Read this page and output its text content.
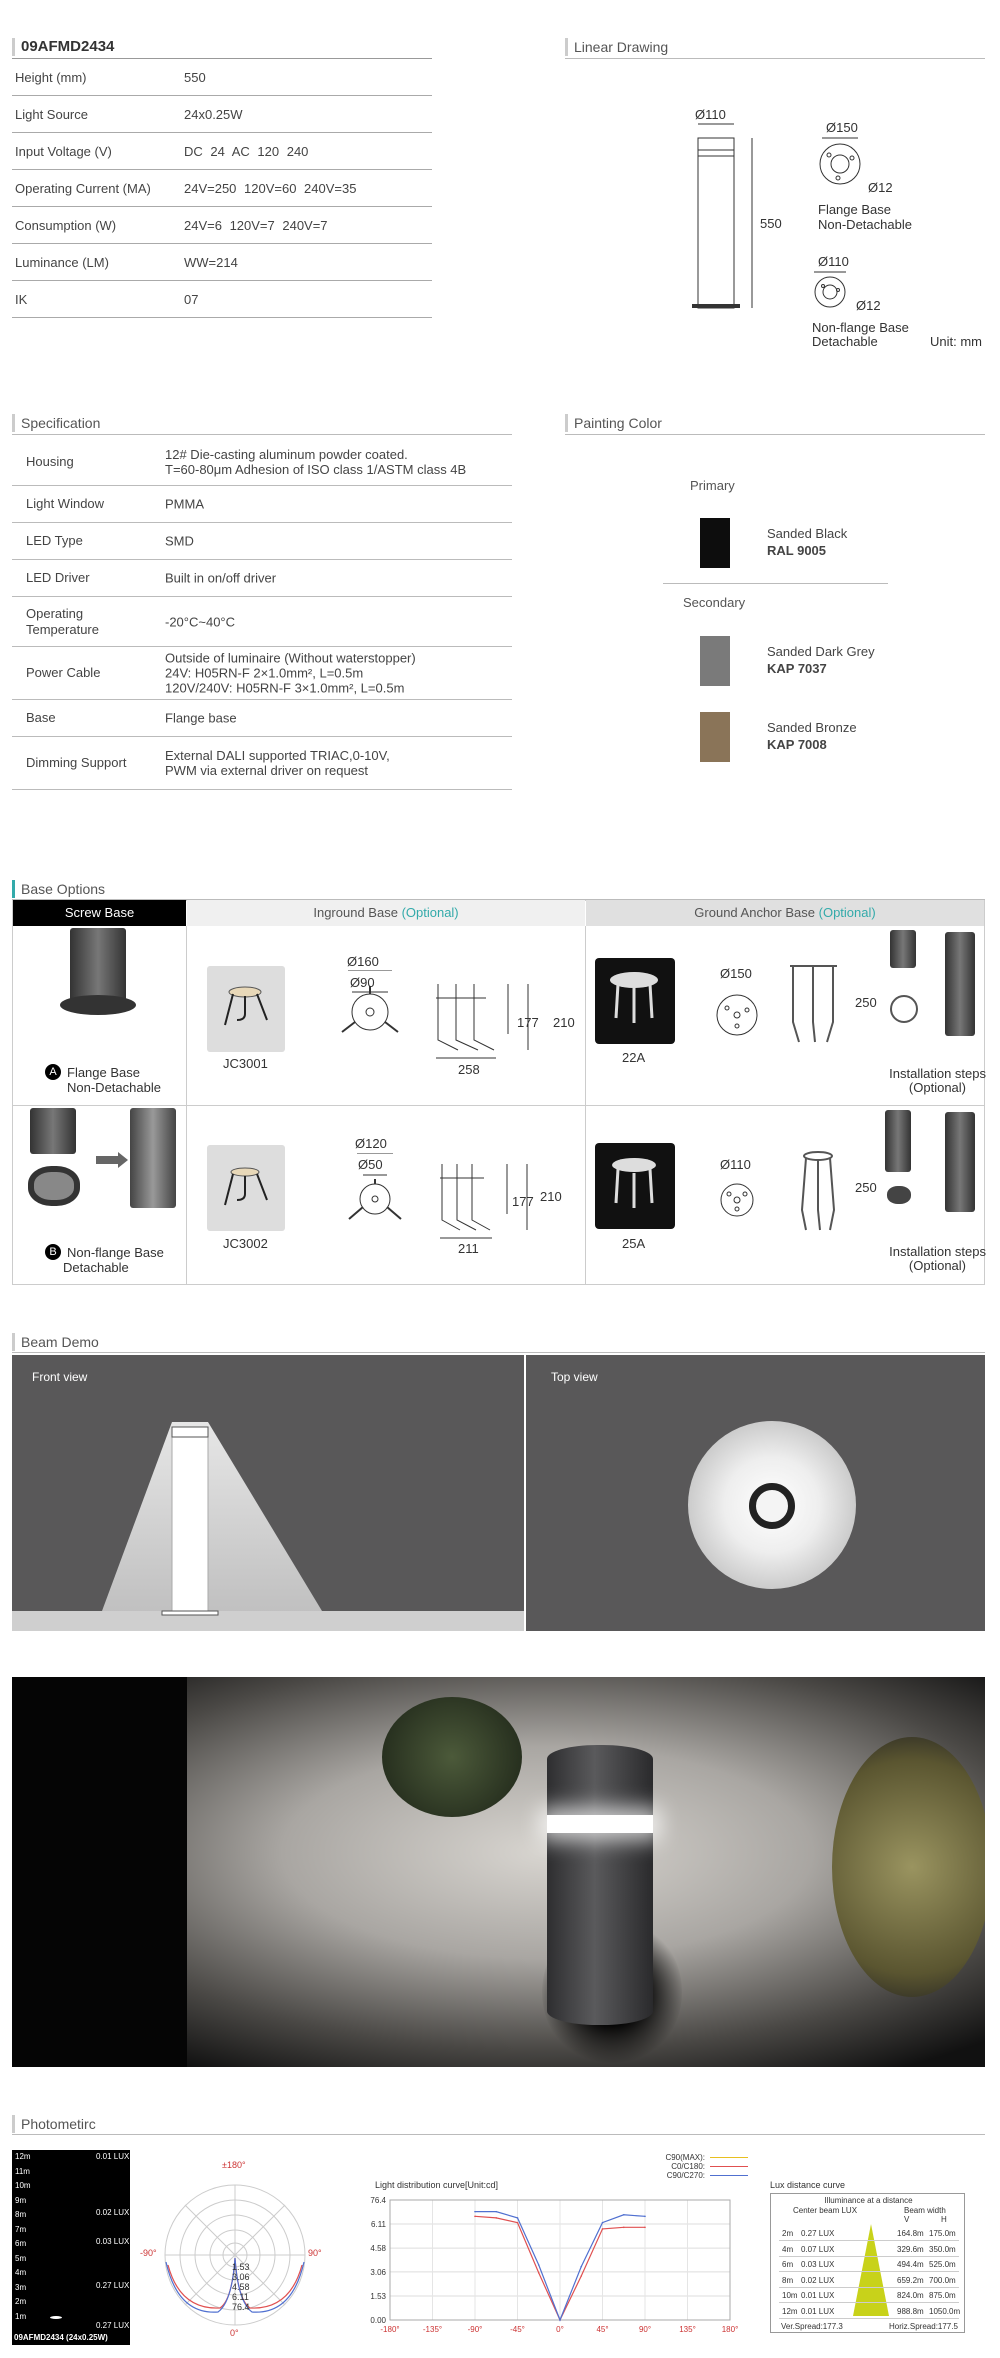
09AFMD2434
Height (mm)	550
Light Source	24x0.25W
Input Voltage (V)	DC 24 AC 120 240
Operating Current (MA)	24V=250 120V=60 240V=35
Consumption (W)	24V=6 120V=7 240V=7
Luminance (LM)	WW=214
IK	07
Linear Drawing
Ø110
550
Ø150
Ø12
Flange Base
Non-Detachable
Ø110
Ø12
Non-flange Base
Detachable	Unit: mm
Specification
Housing	12# Die-casting aluminum powder coated.
T=60-80μm Adhesion of ISO class 1/ASTM class 4B
Light Window	PMMA
LED Type	SMD
LED Driver	Built in on/off driver
Operating
Temperature	-20°C~40°C
Power Cable
Outside of luminaire (Without waterstopper)
24V: H05RN-F 2×1.0mm², L=0.5m
120V/240V: H05RN-F 3×1.0mm², L=0.5m
Base	Flange base
Dimming Support	External DALI supported TRIAC,0-10V,
PWM via external driver on request
Painting Color
Primary
Secondary
Sanded Black
RAL 9005
Sanded Dark Grey
KAP 7037
Sanded Bronze
KAP 7008
Base Options
Screw Base	Inground Base (Optional)	Ground Anchor Base (Optional)
A Flange Base
Non-Detachable
JC3001
Ø160
Ø90
177 210
258
22A
Ø150
250
Installation steps
(Optional)
B Non-flange Base
Detachable
JC3002
Ø120
Ø50
177 210
211	25A
Ø110
250
Installation steps
(Optional)
Beam Demo
Front view	Top view
Photometirc
12m
11m
10m
9m
8m
7m
6m
5m
4m
3m
2m
1m
0.01 LUX
0.02 LUX
0.03 LUX
0.27 LUX
0.27 LUX
09AFMD2434 (24x0.25W)
±180°
-90°	90°
0°
1.53
3.06
4.58
6.11
76.4
Light distribution curve[Unit:cd]
C90(MAX):
C0/C180:
C90/C270:
0.00
1.53
3.06
4.58
6.11
76.4
-180°	-135°	-90°	-45°	0°	45°	90°	135°	180°
Lux distance curve
Illuminance at a distance
Center beam LUX	Beam width
V	H
2m 0.27 LUX	164.8m 175.0m
4m 0.07 LUX	329.6m 350.0m
6m 0.03 LUX	494.4m 525.0m
8m 0.02 LUX	659.2m 700.0m
10m 0.01 LUX	824.0m 875.0m
12m 0.01 LUX	988.8m 1050.0m
Ver.Spread:177.3	Horiz.Spread:177.5
